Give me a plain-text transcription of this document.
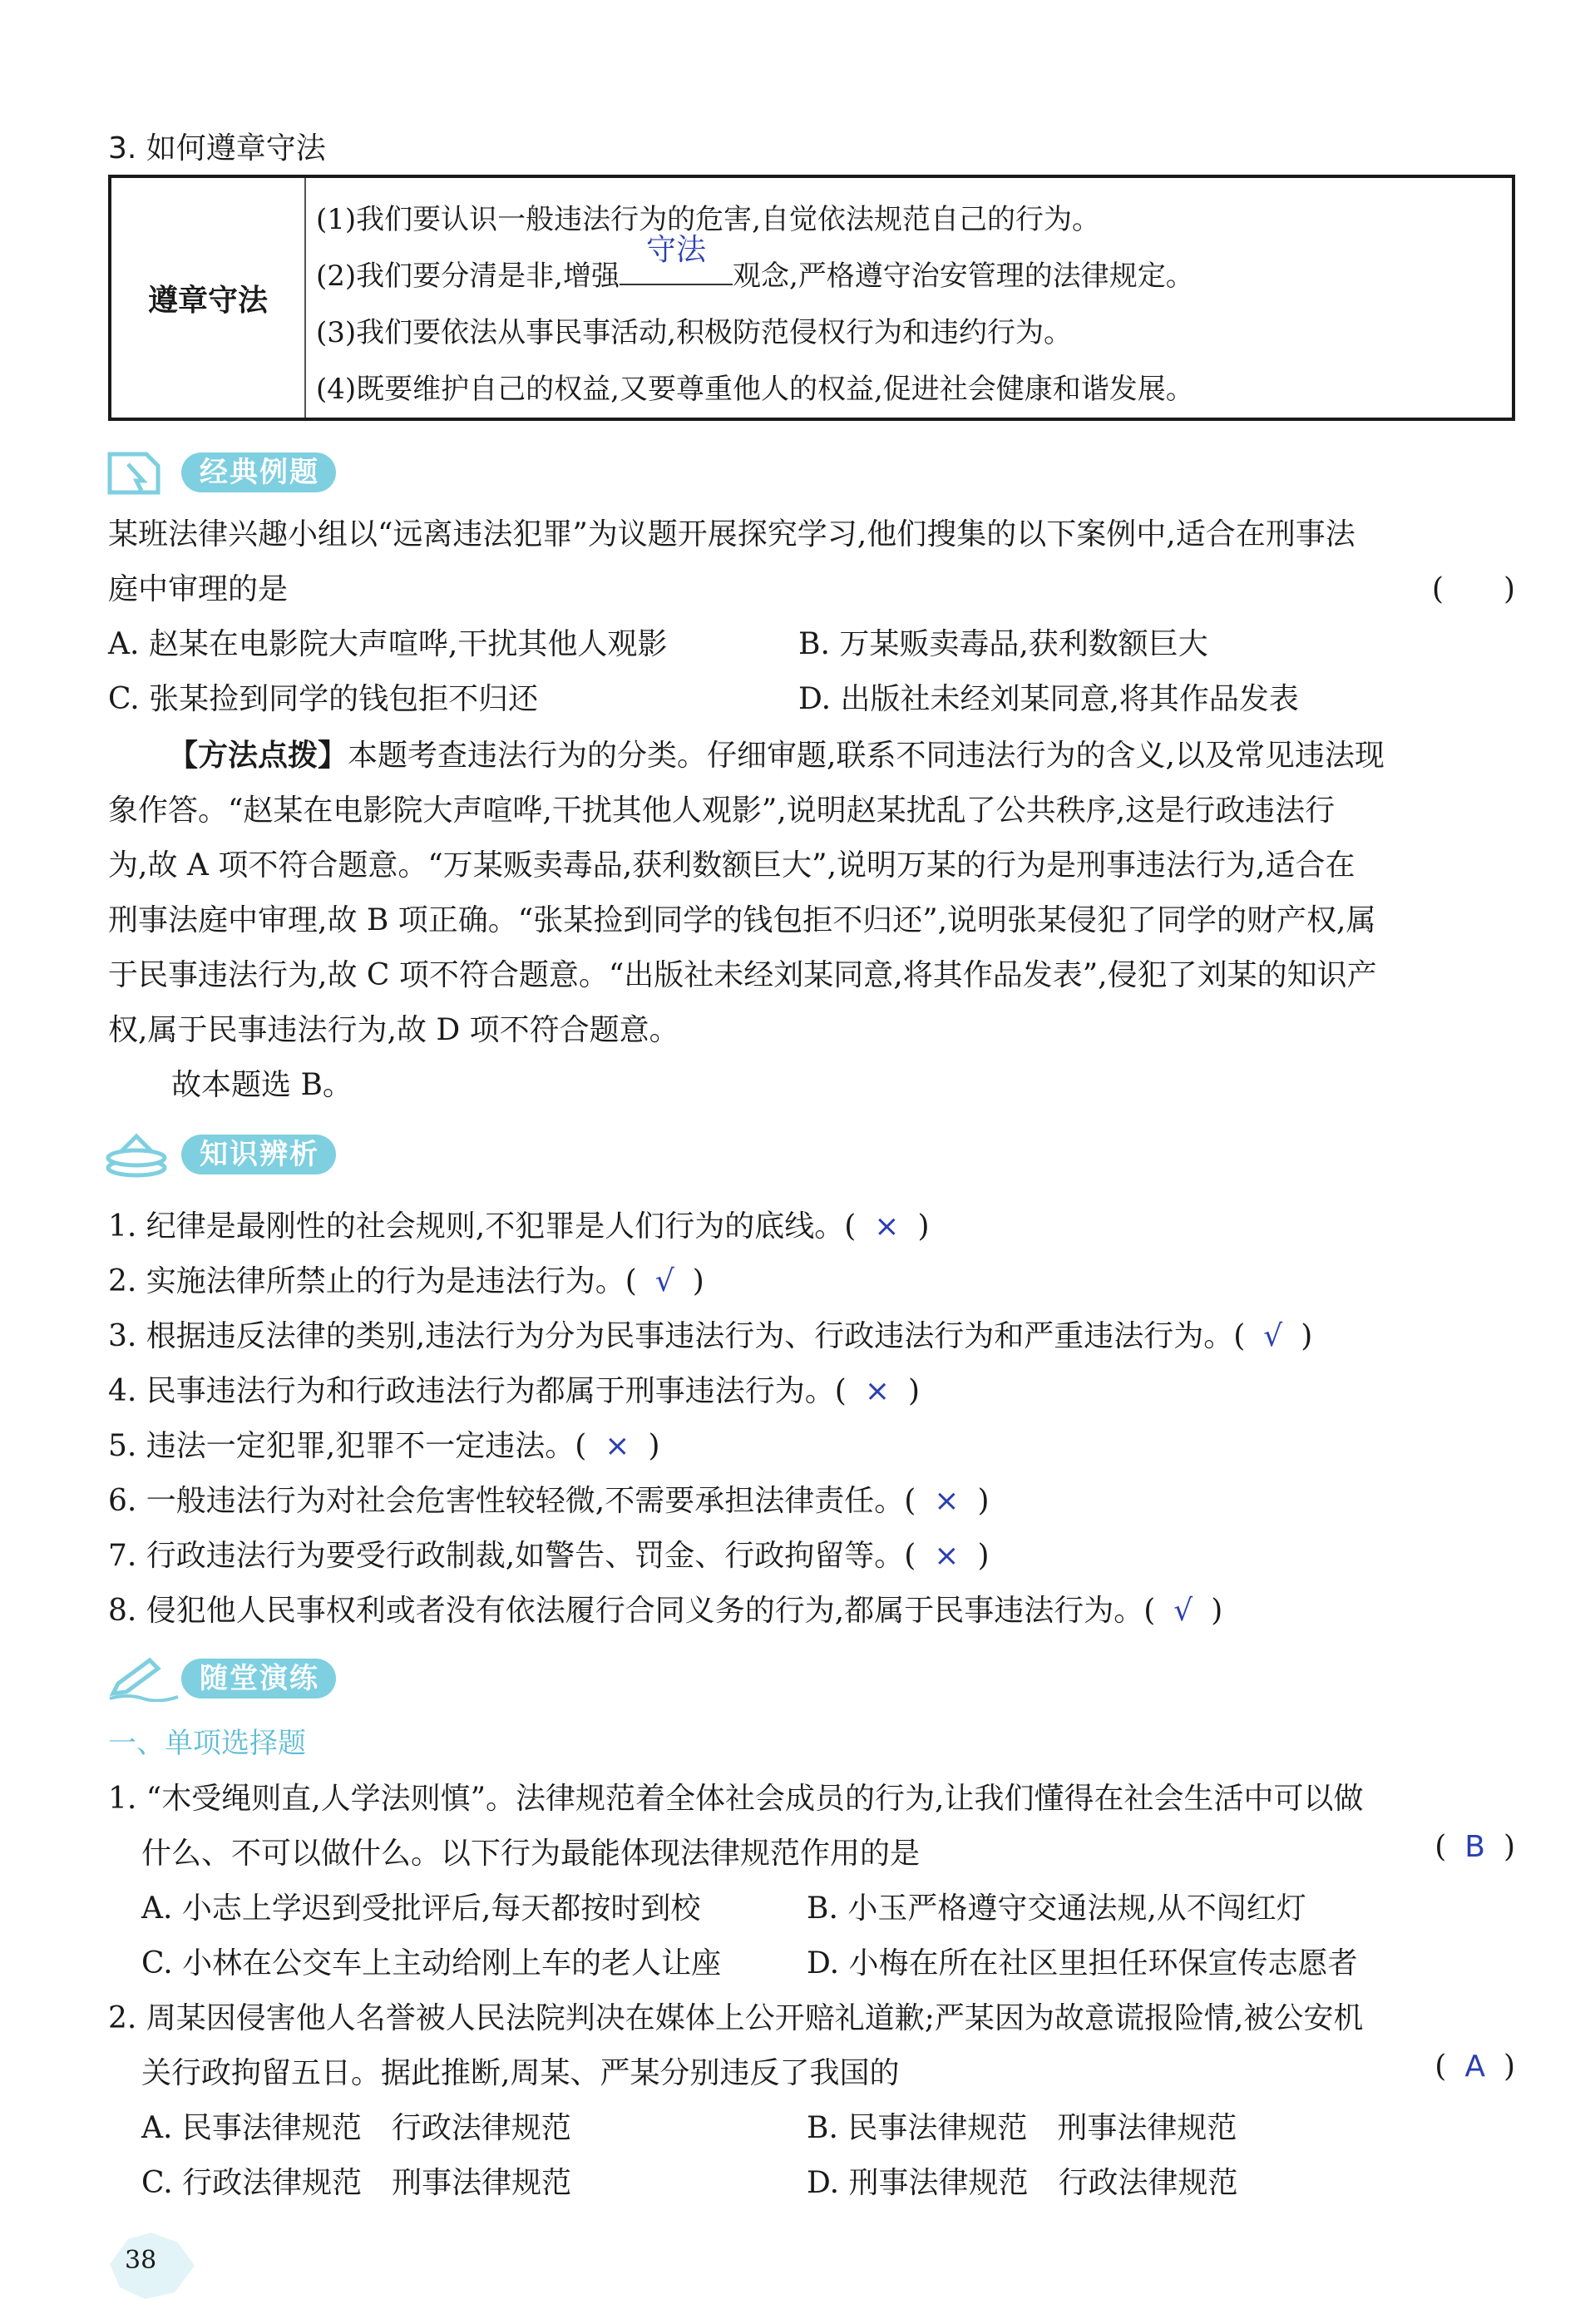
3. 如何遵章守法
遵章守法
(1)我们要认识一般违法行为的危害,自觉依法规范自己的行为。
(2)我们要分清是非,增强
守法
观念,严格遵守治安管理的法律规定。
(3)我们要依法从事民事活动,积极防范侵权行为和违约行为。
(4)既要维护自己的权益,又要尊重他人的权益,促进社会健康和谐发展。
经典例题
某班法律兴趣小组以“远离违法犯罪”为议题开展探究学习,他们搜集的以下案例中,适合在刑事法
庭中审理的是	(　　)
A. 赵某在电影院大声喧哗,干扰其他人观影	B. 万某贩卖毒品,获利数额巨大
C. 张某捡到同学的钱包拒不归还	D. 出版社未经刘某同意,将其作品发表
【方法点拨】本题考查违法行为的分类。仔细审题,联系不同违法行为的含义,以及常见违法现
象作答。“赵某在电影院大声喧哗,干扰其他人观影”,说明赵某扰乱了公共秩序,这是行政违法行
为,故 A 项不符合题意。“万某贩卖毒品,获利数额巨大”,说明万某的行为是刑事违法行为,适合在
刑事法庭中审理,故 B 项正确。“张某捡到同学的钱包拒不归还”,说明张某侵犯了同学的财产权,属
于民事违法行为,故 C 项不符合题意。“出版社未经刘某同意,将其作品发表”,侵犯了刘某的知识产
权,属于民事违法行为,故 D 项不符合题意。
故本题选 B。
知识辨析
1. 纪律是最刚性的社会规则,不犯罪是人们行为的底线。( × )
2. 实施法律所禁止的行为是违法行为。( √ )
3. 根据违反法律的类别,违法行为分为民事违法行为、行政违法行为和严重违法行为。( √ )
4. 民事违法行为和行政违法行为都属于刑事违法行为。( × )
5. 违法一定犯罪,犯罪不一定违法。( × )
6. 一般违法行为对社会危害性较轻微,不需要承担法律责任。( × )
7. 行政违法行为要受行政制裁,如警告、罚金、行政拘留等。( × )
8. 侵犯他人民事权利或者没有依法履行合同义务的行为,都属于民事违法行为。( √ )
随堂演练
一、单项选择题
1. “木受绳则直,人学法则慎”。法律规范着全体社会成员的行为,让我们懂得在社会生活中可以做
什么、不可以做什么。以下行为最能体现法律规范作用的是	( B )
A. 小志上学迟到受批评后,每天都按时到校	B. 小玉严格遵守交通法规,从不闯红灯
C. 小林在公交车上主动给刚上车的老人让座	D. 小梅在所在社区里担任环保宣传志愿者
2. 周某因侵害他人名誉被人民法院判决在媒体上公开赔礼道歉;严某因为故意谎报险情,被公安机
关行政拘留五日。据此推断,周某、严某分别违反了我国的	( A )
A. 民事法律规范　行政法律规范	B. 民事法律规范　刑事法律规范
C. 行政法律规范　刑事法律规范	D. 刑事法律规范　行政法律规范
38
